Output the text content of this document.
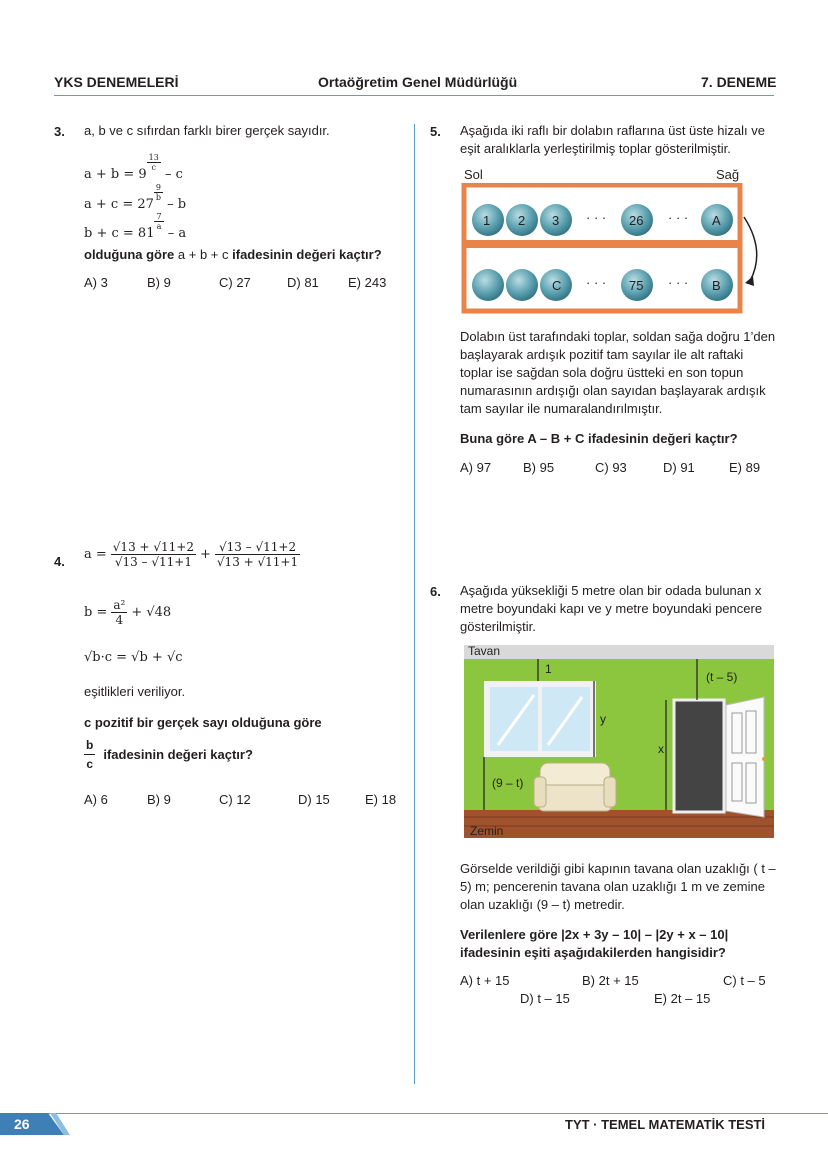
YKS DENEMELERİ	Ortaöğretim Genel Müdürlüğü	7. DENEME
3. a, b ve c sıfırdan farklı birer gerçek sayıdır.
a + b = 9
$\frac{13}{c}$
– c
a + c = 27
$\frac{9}{b}$
– b
b + c = 81
$\frac{7}{a}$
– a
olduğuna göre a + b + c ifadesinin değeri kaçtır?
A) 3	B) 9	C) 27	D) 81 E) 243
4. $a = \frac{√13 + √11+2}{√13 - √11+1} + \frac{√13 - √11+2}{√13 + √11+1}$
$b = \frac{\text{a²}}{4} + √48$
√b·c = √b + √c
eşitlikleri veriliyor.
c pozitif bir gerçek sayı olduğuna göre
$\frac{b}{c}$ ifadesinin değeri kaçtır?
A) 6	B) 9	C) 12	D) 15	E) 18
5. Aşağıda iki raflı bir dolabın raflarına üst üste hizalı ve eşit aralıklarla yerleştirilmiş toplar gösterilmiştir.
Sol	Sağ
1 2 3 · · · 26 · · · A
C · · · 75 · · · B
Dolabın üst tarafındaki toplar, soldan sağa doğru 1’den başlayarak ardışık pozitif tam sayılar ile alt raftaki toplar ise sağdan sola doğru üstteki en son topun numarasının ardışığı olan sayıdan başlayarak ardışık tam sayılar ile numaralandırılmıştır.
Buna göre A – B + C ifadesinin değeri kaçtır?
A) 97 B) 95	C) 93	D) 91	E) 89
6. Aşağıda yüksekliği 5 metre olan bir odada bulunan x metre boyundaki kapı ve y metre boyundaki pencere gösterilmiştir.
Tavan
Zemin
1
y
x
(t – 5)
(9 – t)
Görselde verildiği gibi kapının tavana olan uzaklığı ( t – 5) m; pencerenin tavana olan uzaklığı 1 m ve zemine olan uzaklığı (9 – t) metredir.
Verilenlere göre |2x + 3y – 10| – |2y + x – 10| ifadesinin eşiti aşağıdakilerden hangisidir?
A) t + 15	B) 2t + 15	C) t – 5
D) t – 15	E) 2t – 15
26	TYT · TEMEL MATEMATİK TESTİ
